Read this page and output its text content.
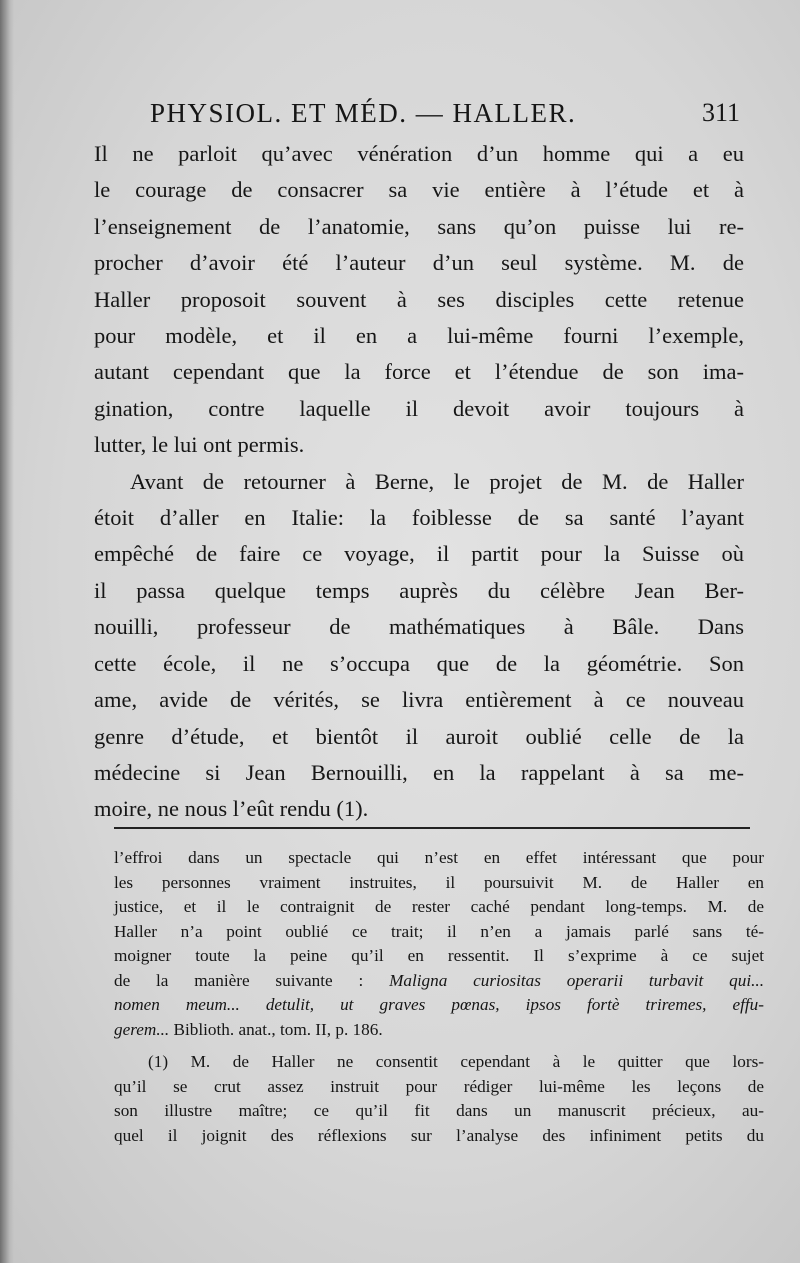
PHYSIOL. ET MÉD. — HALLER.	311
Il ne parloit qu’avec vénération d’un homme qui a eu
le courage de consacrer sa vie entière à l’étude et à
l’enseignement de l’anatomie, sans qu’on puisse lui re-
procher d’avoir été l’auteur d’un seul système. M. de
Haller proposoit souvent à ses disciples cette retenue
pour modèle, et il en a lui-même fourni l’exemple,
autant cependant que la force et l’étendue de son ima-
gination, contre laquelle il devoit avoir toujours à
lutter, le lui ont permis.
Avant de retourner à Berne, le projet de M. de Haller
étoit d’aller en Italie: la foiblesse de sa santé l’ayant
empêché de faire ce voyage, il partit pour la Suisse où
il passa quelque temps auprès du célèbre Jean Ber-
nouilli, professeur de mathématiques à Bâle. Dans
cette école, il ne s’occupa que de la géométrie. Son
ame, avide de vérités, se livra entièrement à ce nouveau
genre d’étude, et bientôt il auroit oublié celle de la
médecine si Jean Bernouilli, en la rappelant à sa me-
moire, ne nous l’eût rendu (1).
l’effroi dans un spectacle qui n’est en effet intéressant que pour
les personnes vraiment instruites, il poursuivit M. de Haller en
justice, et il le contraignit de rester caché pendant long-temps. M. de
Haller n’a point oublié ce trait; il n’en a jamais parlé sans té-
moigner toute la peine qu’il en ressentit. Il s’exprime à ce sujet
de la manière suivante : Maligna curiositas operarii turbavit qui...
nomen meum... detulit, ut graves pœnas, ipsos fortè triremes, effu-
gerem... Biblioth. anat., tom. II, p. 186.
(1) M. de Haller ne consentit cependant à le quitter que lors-
qu’il se crut assez instruit pour rédiger lui-même les leçons de
son illustre maître; ce qu’il fit dans un manuscrit précieux, au-
quel il joignit des réflexions sur l’analyse des infiniment petits du
